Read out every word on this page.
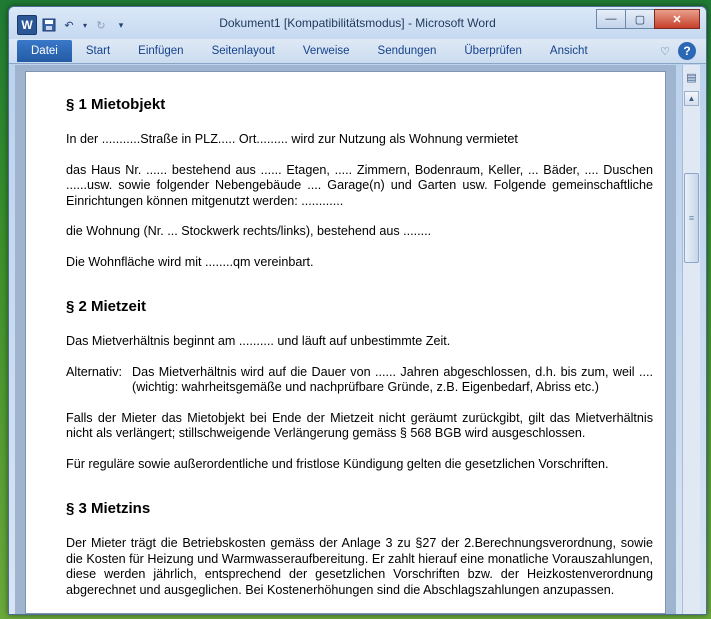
W	↶	▾ ↻	▾	Dokument1 [Kompatibilitätsmodus] - Microsoft Word	—	▢	✕
Datei	Start	Einfügen	Seitenlayout	Verweise	Sendungen	Überprüfen	Ansicht	♡	?
§ 1 Mietobjekt

In der ...........Straße in PLZ..... Ort......... wird zur Nutzung als Wohnung vermietet

das Haus Nr. ...... bestehend aus ...... Etagen, ..... Zimmern, Bodenraum, Keller, ... Bäder, .... Duschen ......usw. sowie folgender Nebengebäude .... Garage(n) und Garten usw. Folgende gemeinschaftliche Einrichtungen können mitgenutzt werden: ............

die Wohnung (Nr. ... Stockwerk rechts/links), bestehend aus ........

Die Wohnfläche wird mit ........qm vereinbart.

§ 2 Mietzeit

Das Mietverhältnis beginnt am .......... und läuft auf unbestimmte Zeit.

Alternativ: Das Mietverhältnis wird auf die Dauer von ...... Jahren abgeschlossen, d.h. bis zum, weil .... (wichtig: wahrheitsgemäße und nachprüfbare Gründe, z.B. Eigenbedarf, Abriss etc.)

Falls der Mieter das Mietobjekt bei Ende der Mietzeit nicht geräumt zurückgibt, gilt das Mietverhältnis nicht als verlängert; stillschweigende Verlängerung gemäss § 568 BGB wird ausgeschlossen.

Für reguläre sowie außerordentliche und fristlose Kündigung gelten die gesetzlichen Vorschriften.

§ 3 Mietzins

Der Mieter trägt die Betriebskosten gemäss der Anlage 3 zu §27 der 2.Berechnungsverordnung, sowie die Kosten für Heizung und Warmwasseraufbereitung. Er zahlt hierauf eine monatliche Vorauszahlungen, diese werden jährlich, entsprechend der gesetzlichen Vorschriften bzw. der Heizkostenverordnung abgerechnet und ausgeglichen. Bei Kostenerhöhungen sind die Abschlagszahlungen anzupassen.

▤
▲
≡
